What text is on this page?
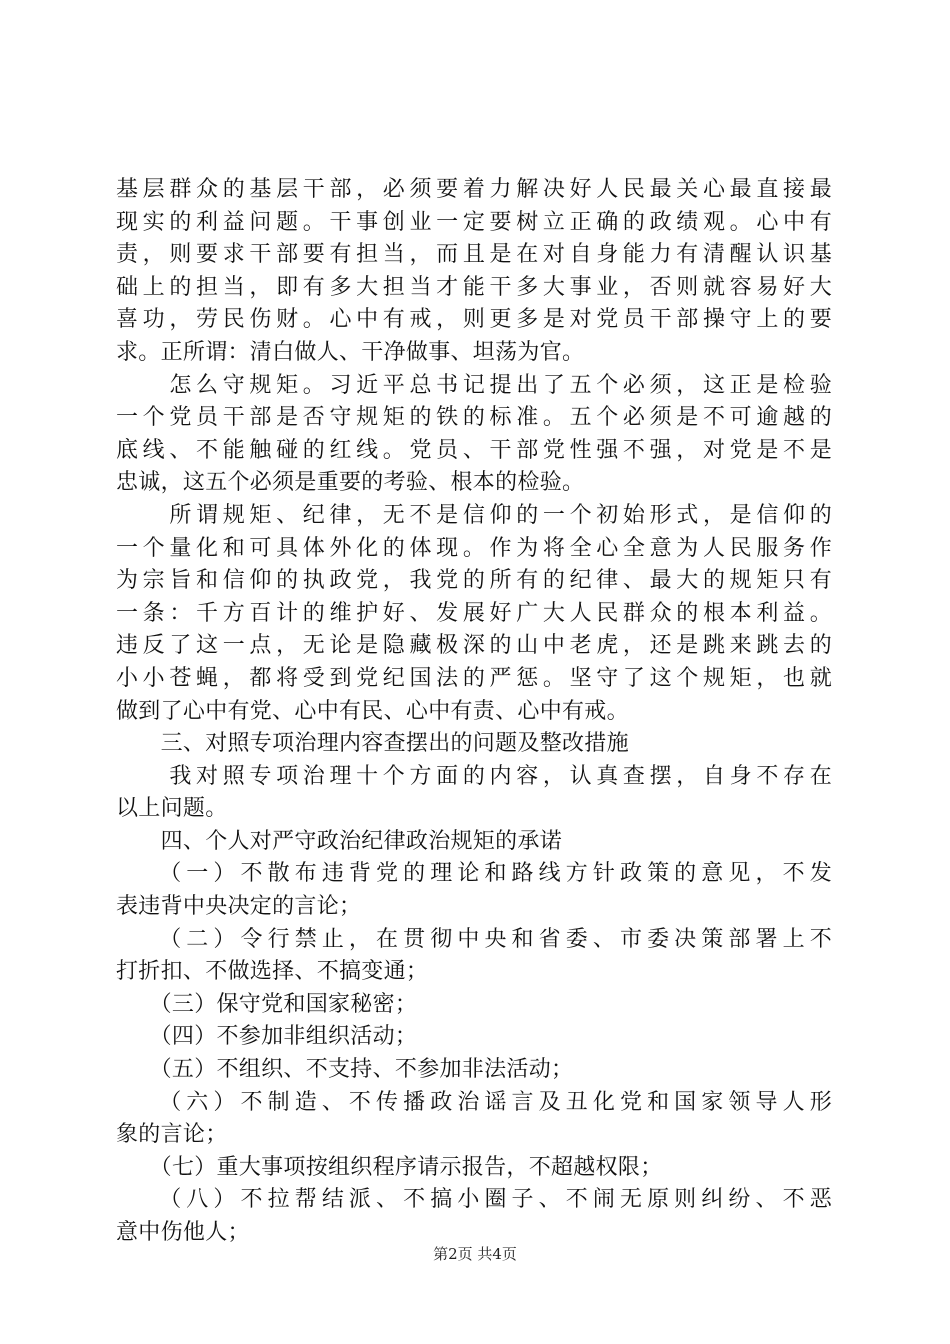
基层群众的基层干部，必须要着力解决好人民最关心最直接最
现实的利益问题。干事创业一定要树立正确的政绩观。心中有
责，则要求干部要有担当，而且是在对自身能力有清醒认识基
础上的担当，即有多大担当才能干多大事业，否则就容易好大
喜功，劳民伤财。心中有戒，则更多是对党员干部操守上的要
求。正所谓：清白做人、干净做事、坦荡为官。
　　怎么守规矩。习近平总书记提出了五个必须，这正是检验
一个党员干部是否守规矩的铁的标准。五个必须是不可逾越的
底线、不能触碰的红线。党员、干部党性强不强，对党是不是
忠诚，这五个必须是重要的考验、根本的检验。
　　所谓规矩、纪律，无不是信仰的一个初始形式，是信仰的
一个量化和可具体外化的体现。作为将全心全意为人民服务作
为宗旨和信仰的执政党，我党的所有的纪律、最大的规矩只有
一条：千方百计的维护好、发展好广大人民群众的根本利益。
违反了这一点，无论是隐藏极深的山中老虎，还是跳来跳去的
小小苍蝇，都将受到党纪国法的严惩。坚守了这个规矩，也就
做到了心中有党、心中有民、心中有责、心中有戒。
　　三、对照专项治理内容查摆出的问题及整改措施
　　我对照专项治理十个方面的内容，认真查摆，自身不存在
以上问题。
　　四、个人对严守政治纪律政治规矩的承诺
　　（一）不散布违背党的理论和路线方针政策的意见，不发
表违背中央决定的言论；
　　（二）令行禁止，在贯彻中央和省委、市委决策部署上不
打折扣、不做选择、不搞变通；
　　（三）保守党和国家秘密；
　　（四）不参加非组织活动；
　　（五）不组织、不支持、不参加非法活动；
　　（六）不制造、不传播政治谣言及丑化党和国家领导人形
象的言论；
　　（七）重大事项按组织程序请示报告，不超越权限；
　　（八）不拉帮结派、不搞小圈子、不闹无原则纠纷、不恶
意中伤他人；
第2页 共4页
